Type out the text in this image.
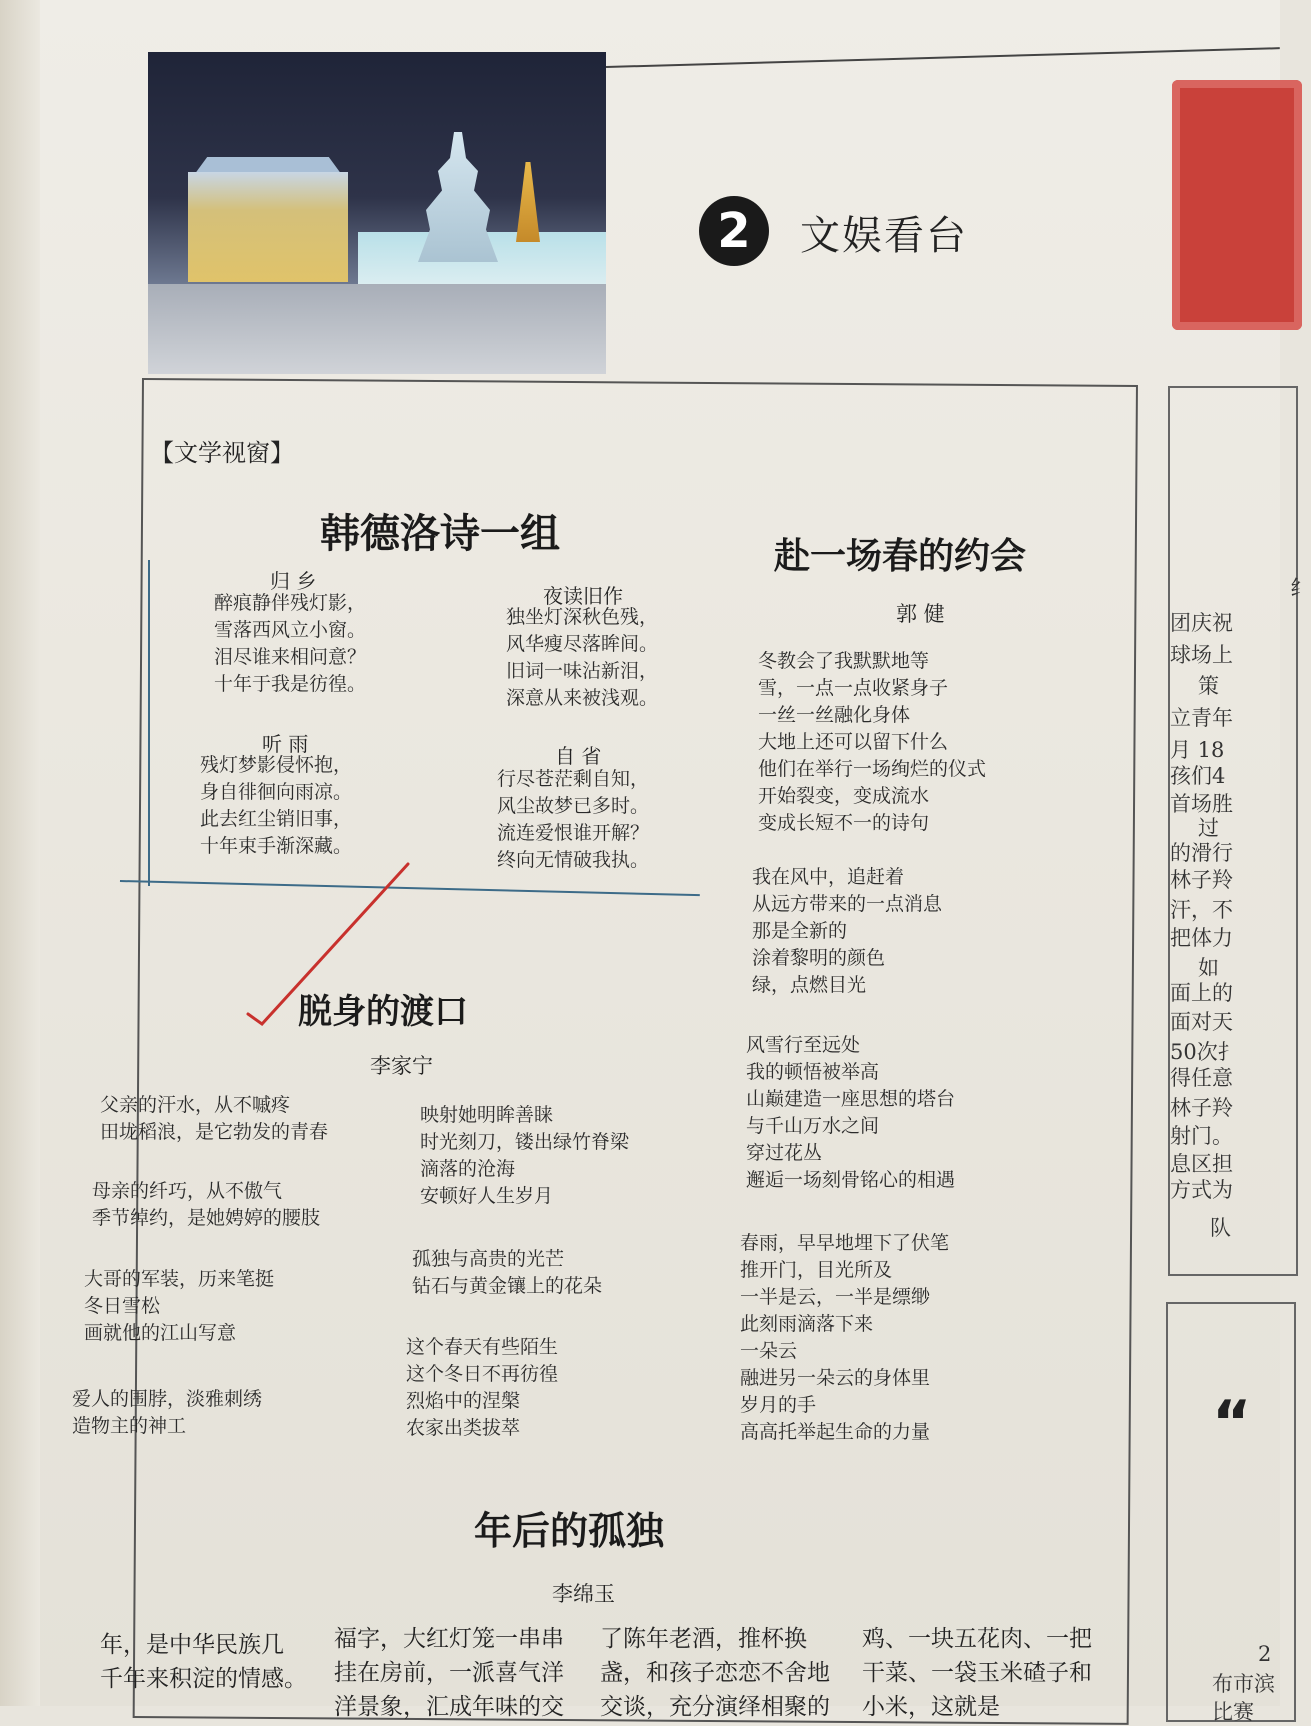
2	文娱看台
纟
团庆祝
球场上
策
立青年
月 18
孩们4
首场胜
过
的滑行
林子羚
汗，不
把体力
如
面上的
面对天
50次扌
得任意
林子羚
射门。
息区担
方式为
队
“
2
布市滨
比赛
【文学视窗】
韩德洛诗一组
归 乡
醉痕静伴残灯影，
雪落西风立小窗。
泪尽谁来相问意？
十年于我是彷徨。
夜读旧作
独坐灯深秋色残，
风华瘦尽落眸间。
旧词一味沾新泪，
深意从来被浅观。
听 雨
残灯梦影侵怀抱，
身自徘徊向雨凉。
此去红尘销旧事，
十年束手渐深藏。
自 省
行尽苍茫剩自知，
风尘故梦已多时。
流连爱恨谁开解？
终向无情破我执。
赴一场春的约会
郭 健
冬教会了我默默地等
雪，一点一点收紧身子
一丝一丝融化身体
大地上还可以留下什么
他们在举行一场绚烂的仪式
开始裂变，变成流水
变成长短不一的诗句
我在风中，追赶着
从远方带来的一点消息
那是全新的
涂着黎明的颜色
绿，点燃目光
风雪行至远处
我的顿悟被举高
山巅建造一座思想的塔台
与千山万水之间
穿过花丛
邂逅一场刻骨铭心的相遇
春雨，早早地埋下了伏笔
推开门，目光所及
一半是云，一半是缥缈
此刻雨滴落下来
一朵云
融进另一朵云的身体里
岁月的手
高高托举起生命的力量
脱身的渡口
李家宁
父亲的汗水，从不嘁疼
田垅稻浪，是它勃发的青春
母亲的纤巧，从不傲气
季节绰约，是她娉婷的腰肢
大哥的军装，历来笔挺
冬日雪松
画就他的江山写意
爱人的围脖，淡雅刺绣
造物主的神工
映射她明眸善睐
时光刻刀，镂出绿竹脊梁
滴落的沧海
安顿好人生岁月
孤独与高贵的光芒
钻石与黄金镶上的花朵
这个春天有些陌生
这个冬日不再彷徨
烈焰中的涅槃
农家出类拔萃
年后的孤独
李绵玉
年，是中华民族几
千年来积淀的情感。
福字，大红灯笼一串串
挂在房前，一派喜气洋
洋景象，汇成年味的交
了陈年老酒，推杯换
盏，和孩子恋恋不舍地
交谈，充分演绎相聚的
鸡、一块五花肉、一把
干菜、一袋玉米碴子和
小米，这就是
